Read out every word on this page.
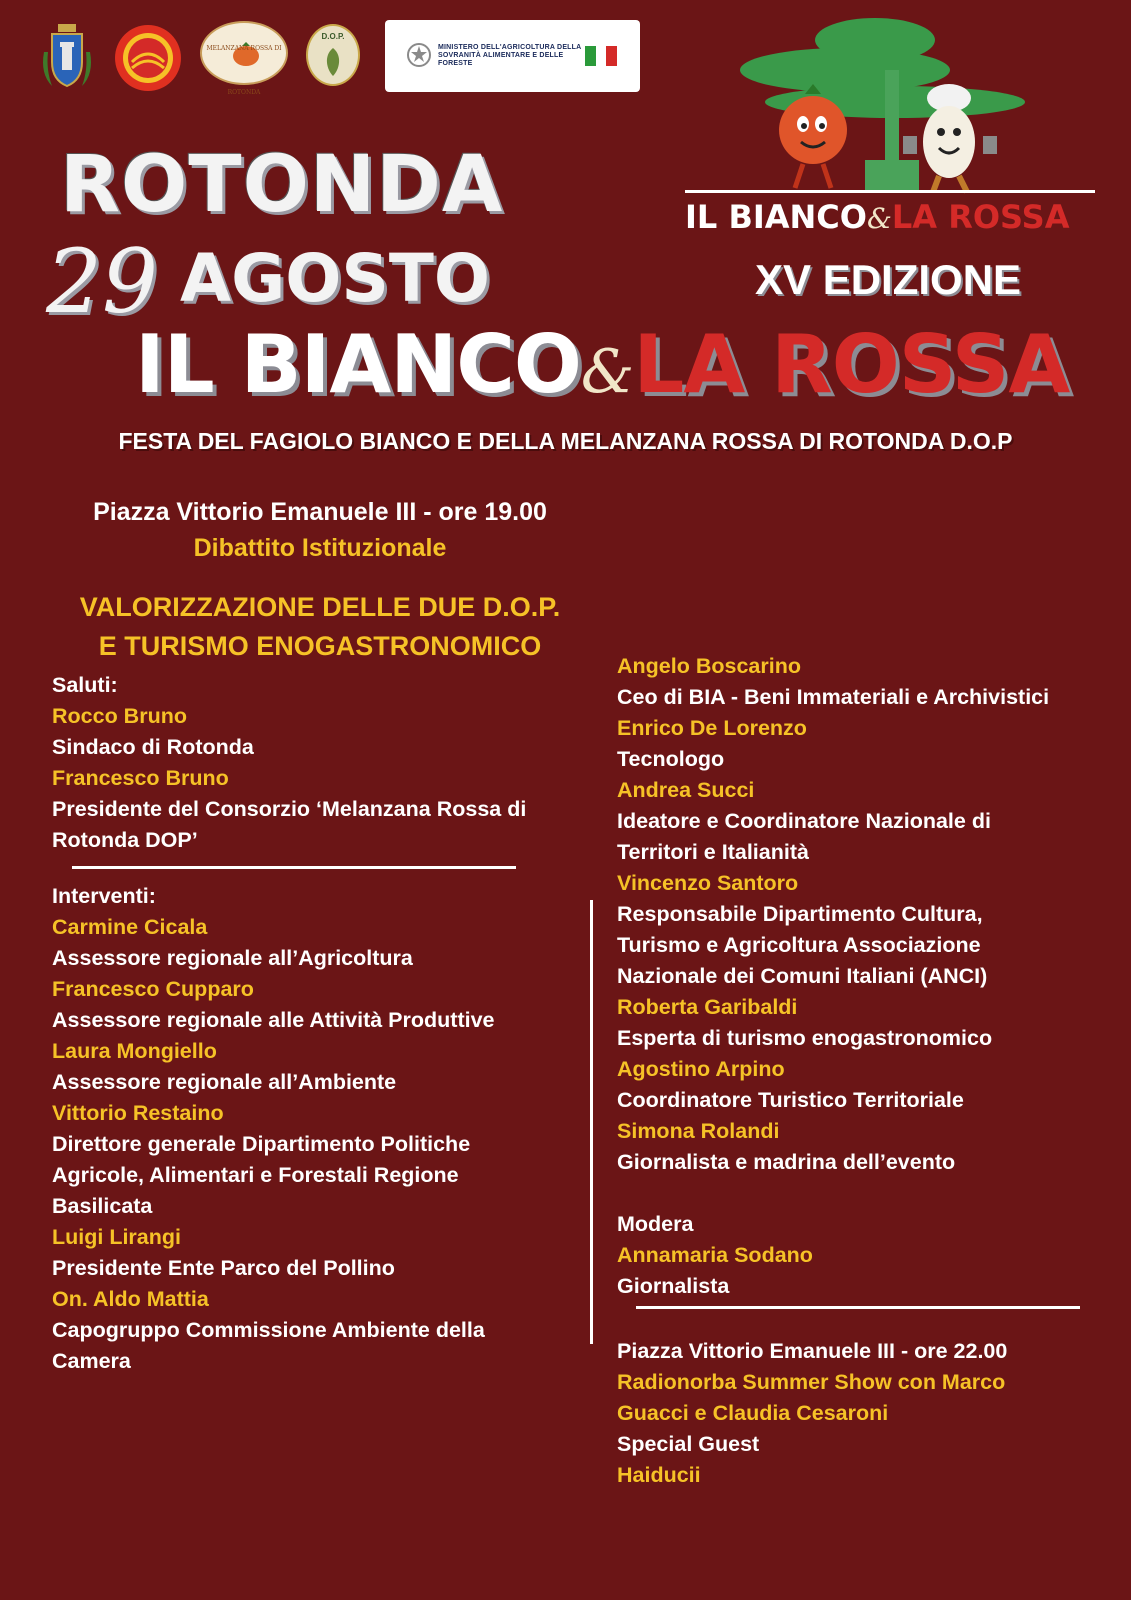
MELANZANA ROSSA DI ROTONDA
D.O.P.
MINISTERO DELL'AGRICOLTURA DELLA SOVRANITÀ ALIMENTARE E DELLE FORESTE
IL BIANCO&LA ROSSA
XV EDIZIONE
ROTONDA
29 AGOSTO
IL BIANCO&LA ROSSA
FESTA DEL FAGIOLO BIANCO E DELLA MELANZANA ROSSA DI ROTONDA D.O.P
Piazza Vittorio Emanuele III - ore 19.00
Dibattito Istituzionale
VALORIZZAZIONE DELLE DUE D.O.P.
E TURISMO ENOGASTRONOMICO

Saluti:

Rocco Bruno

Sindaco di Rotonda

Francesco Bruno

Presidente del Consorzio ‘Melanzana Rossa di Rotonda DOP’

Interventi:

Carmine Cicala

Assessore regionale all’Agricoltura

Francesco Cupparo

Assessore regionale alle Attività Produttive

Laura Mongiello

Assessore regionale all’Ambiente

Vittorio Restaino

Direttore generale Dipartimento Politiche Agricole, Alimentari e Forestali Regione Basilicata

Luigi Lirangi

Presidente Ente Parco del Pollino

On. Aldo Mattia

Capogruppo Commissione Ambiente della Camera

Angelo Boscarino

Ceo di BIA - Beni Immateriali e Archivistici

Enrico De Lorenzo

Tecnologo

Andrea Succi

Ideatore e Coordinatore Nazionale di Territori e Italianità

Vincenzo Santoro

Responsabile Dipartimento Cultura, Turismo e Agricoltura Associazione Nazionale dei Comuni Italiani (ANCI)

Roberta Garibaldi

Esperta di turismo enogastronomico

Agostino Arpino

Coordinatore Turistico Territoriale

Simona Rolandi

Giornalista e madrina dell’evento

Modera

Annamaria Sodano

Giornalista

Piazza Vittorio Emanuele III - ore 22.00

Radionorba Summer Show con Marco Guacci e Claudia Cesaroni

Special Guest

Haiducii
